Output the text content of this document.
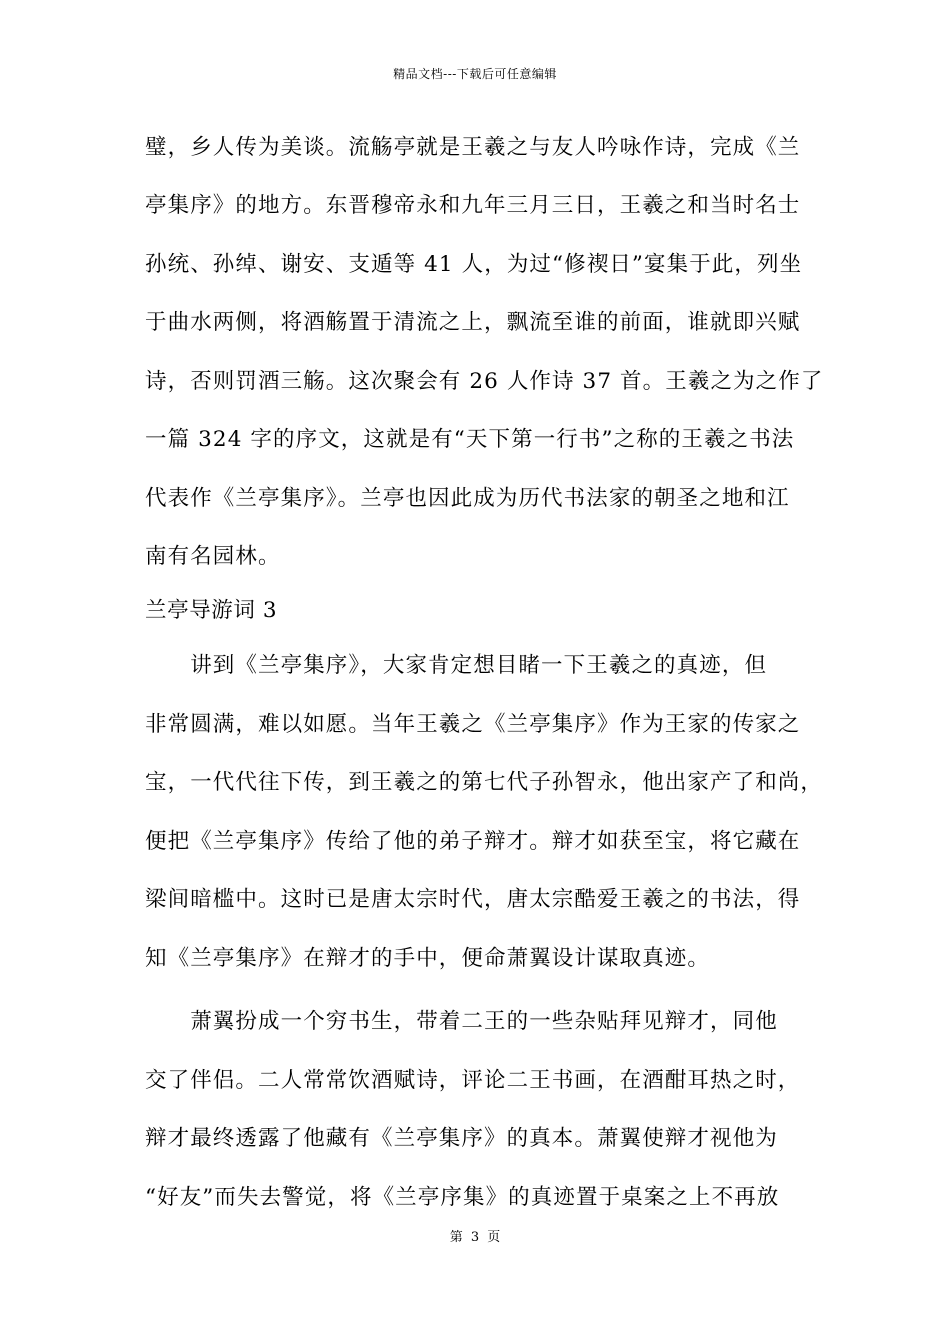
精品文档---下载后可任意编辑
璧，乡人传为美谈。流觞亭就是王羲之与友人吟咏作诗，完成《兰
亭集序》的地方。东晋穆帝永和九年三月三日，王羲之和当时名士
孙统、孙绰、谢安、支遁等 41 人，为过“修禊日”宴集于此，列坐
于曲水两侧，将酒觞置于清流之上，飘流至谁的前面，谁就即兴赋
诗，否则罚酒三觞。这次聚会有 26 人作诗 37 首。王羲之为之作了
一篇 324 字的序文，这就是有“天下第一行书”之称的王羲之书法
代表作《兰亭集序》。兰亭也因此成为历代书法家的朝圣之地和江
南有名园林。
兰亭导游词 3
　　讲到《兰亭集序》，大家肯定想目睹一下王羲之的真迹，但
非常圆满，难以如愿。当年王羲之《兰亭集序》作为王家的传家之
宝，一代代往下传，到王羲之的第七代子孙智永，他出家产了和尚，
便把《兰亭集序》传给了他的弟子辩才。辩才如获至宝，将它藏在
梁间暗槛中。这时已是唐太宗时代，唐太宗酷爱王羲之的书法，得
知《兰亭集序》在辩才的手中，便命萧翼设计谋取真迹。
　　萧翼扮成一个穷书生，带着二王的一些杂贴拜见辩才，同他
交了伴侣。二人常常饮酒赋诗，评论二王书画，在酒酣耳热之时，
辩才最终透露了他藏有《兰亭集序》的真本。萧翼使辩才视他为
“好友”而失去警觉，将《兰亭序集》的真迹置于桌案之上不再放
第 3 页
